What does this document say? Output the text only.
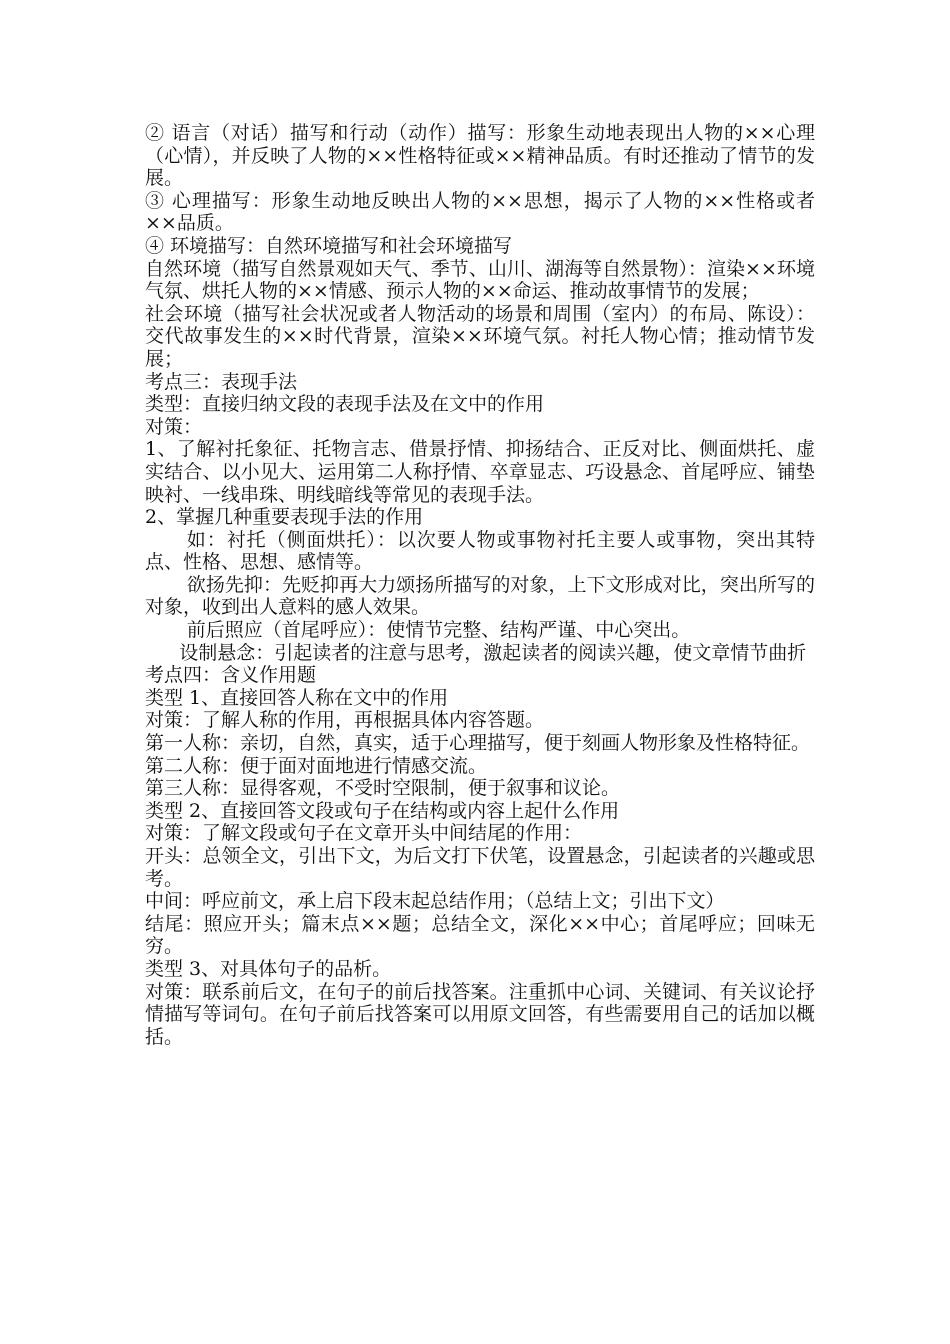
② 语言（对话）描写和行动（动作）描写：形象生动地表现出人物的××心理（心情），并反映了人物的××性格特征或××精神品质。有时还推动了情节的发展。

③ 心理描写：形象生动地反映出人物的××思想，揭示了人物的××性格或者××品质。

④ 环境描写：自然环境描写和社会环境描写

自然环境（描写自然景观如天气、季节、山川、湖海等自然景物）：渲染××环境气氛、烘托人物的××情感、预示人物的××命运、推动故事情节的发展；

社会环境（描写社会状况或者人物活动的场景和周围（室内）的布局、陈设）：交代故事发生的××时代背景，渲染××环境气氛。衬托人物心情；推动情节发展；

考点三：表现手法

类型：直接归纳文段的表现手法及在文中的作用

对策：

1、了解衬托象征、托物言志、借景抒情、抑扬结合、正反对比、侧面烘托、虚实结合、以小见大、运用第二人称抒情、卒章显志、巧设悬念、首尾呼应、铺垫映衬、一线串珠、明线暗线等常见的表现手法。

2、掌握几种重要表现手法的作用

如：衬托（侧面烘托）：以次要人物或事物衬托主要人或事物，突出其特点、性格、思想、感情等。

欲扬先抑：先贬抑再大力颂扬所描写的对象，上下文形成对比，突出所写的对象，收到出人意料的感人效果。

前后照应（首尾呼应）：使情节完整、结构严谨、中心突出。

设制悬念：引起读者的注意与思考，激起读者的阅读兴趣，使文章情节曲折

考点四：含义作用题

类型 1、直接回答人称在文中的作用

对策：了解人称的作用，再根据具体内容答题。

第一人称：亲切，自然，真实，适于心理描写，便于刻画人物形象及性格特征。

第二人称：便于面对面地进行情感交流。

第三人称：显得客观，不受时空限制，便于叙事和议论。

类型 2、直接回答文段或句子在结构或内容上起什么作用

对策：了解文段或句子在文章开头中间结尾的作用：

开头：总领全文，引出下文，为后文打下伏笔，设置悬念，引起读者的兴趣或思考。

中间：呼应前文，承上启下段末起总结作用；（总结上文；引出下文）

结尾：照应开头；篇末点××题；总结全文，深化××中心；首尾呼应；回味无穷。

类型 3、对具体句子的品析。

对策：联系前后文，在句子的前后找答案。注重抓中心词、关键词、有关议论抒情描写等词句。在句子前后找答案可以用原文回答，有些需要用自己的话加以概括。
